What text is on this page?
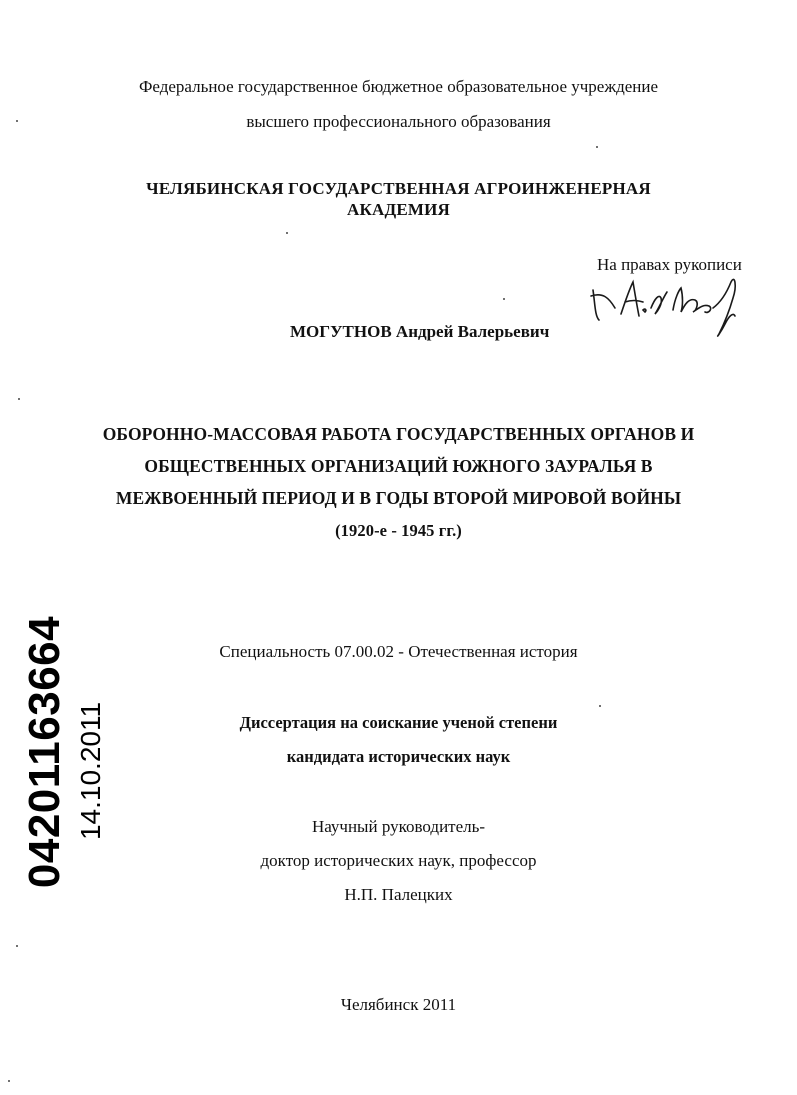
Федеральное государственное бюджетное образовательное учреждение
высшего профессионального образования
ЧЕЛЯБИНСКАЯ ГОСУДАРСТВЕННАЯ АГРОИНЖЕНЕРНАЯ
АКАДЕМИЯ
На правах рукописи
МОГУТНОВ Андрей Валерьевич
ОБОРОННО-МАССОВАЯ РАБОТА ГОСУДАРСТВЕННЫХ ОРГАНОВ И
ОБЩЕСТВЕННЫХ ОРГАНИЗАЦИЙ ЮЖНОГО ЗАУРАЛЬЯ В
МЕЖВОЕННЫЙ ПЕРИОД И В ГОДЫ ВТОРОЙ МИРОВОЙ ВОЙНЫ
(1920-е - 1945 гг.)
Специальность 07.00.02 - Отечественная история
Диссертация на соискание ученой степени
кандидата исторических наук
Научный руководитель-
доктор исторических наук, профессор
Н.П. Палецких
Челябинск 2011
04201163664 14.10.2011
